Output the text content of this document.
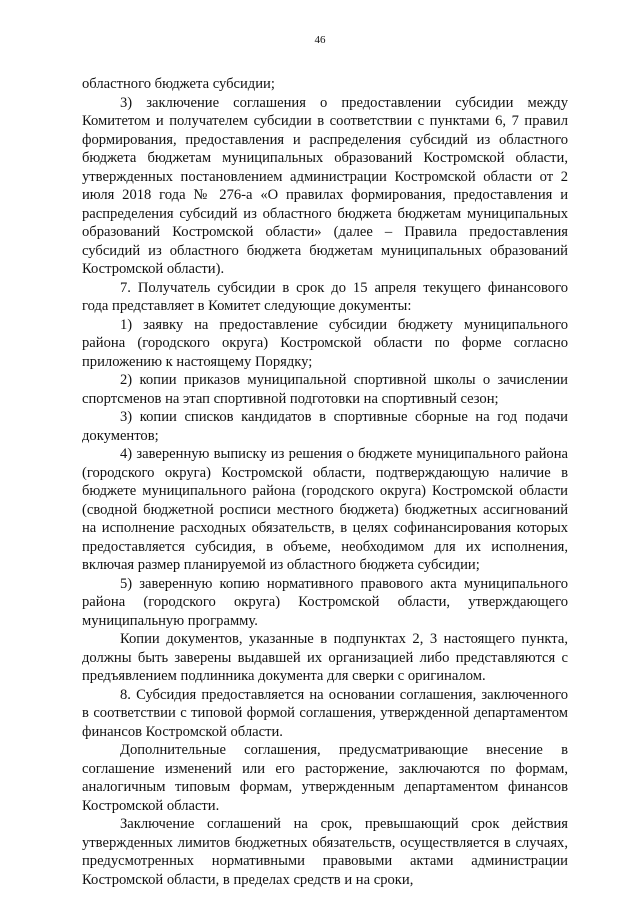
46

областного бюджета субсидии;

3) заключение соглашения о предоставлении субсидии между Комитетом и получателем субсидии в соответствии с пунктами 6, 7 правил формирования, предоставления и распределения субсидий из областного бюджета бюджетам муниципальных образований Костромской области, утвержденных постановлением администрации Костромской области от 2 июля 2018 года № 276-а «О правилах формирования, предоставления и распределения субсидий из областного бюджета бюджетам муниципальных образований Костромской области» (далее – Правила предоставления субсидий из областного бюджета бюджетам муниципальных образований Костромской области).

7. Получатель субсидии в срок до 15 апреля текущего финансового года представляет в Комитет следующие документы:

1) заявку на предоставление субсидии бюджету муниципального района (городского округа) Костромской области по форме согласно приложению к настоящему Порядку;

2) копии приказов муниципальной спортивной школы о зачислении спортсменов на этап спортивной подготовки на спортивный сезон;

3) копии списков кандидатов в спортивные сборные на год подачи документов;

4) заверенную выписку из решения о бюджете муниципального района (городского округа) Костромской области, подтверждающую наличие в бюджете муниципального района (городского округа) Костромской области (сводной бюджетной росписи местного бюджета) бюджетных ассигнований на исполнение расходных обязательств, в целях софинансирования которых предоставляется субсидия, в объеме, необходимом для их исполнения, включая размер планируемой из областного бюджета субсидии;

5) заверенную копию нормативного правового акта муниципального района (городского округа) Костромской области, утверждающего муниципальную программу.

Копии документов, указанные в подпунктах 2, 3 настоящего пункта, должны быть заверены выдавшей их организацией либо представляются с предъявлением подлинника документа для сверки с оригиналом.

8. Субсидия предоставляется на основании соглашения, заключенного в соответствии с типовой формой соглашения, утвержденной департаментом финансов Костромской области.

Дополнительные соглашения, предусматривающие внесение в соглашение изменений или его расторжение, заключаются по формам, аналогичным типовым формам, утвержденным департаментом финансов Костромской области.

Заключение соглашений на срок, превышающий срок действия утвержденных лимитов бюджетных обязательств, осуществляется в случаях, предусмотренных нормативными правовыми актами администрации Костромской области, в пределах средств и на сроки,
